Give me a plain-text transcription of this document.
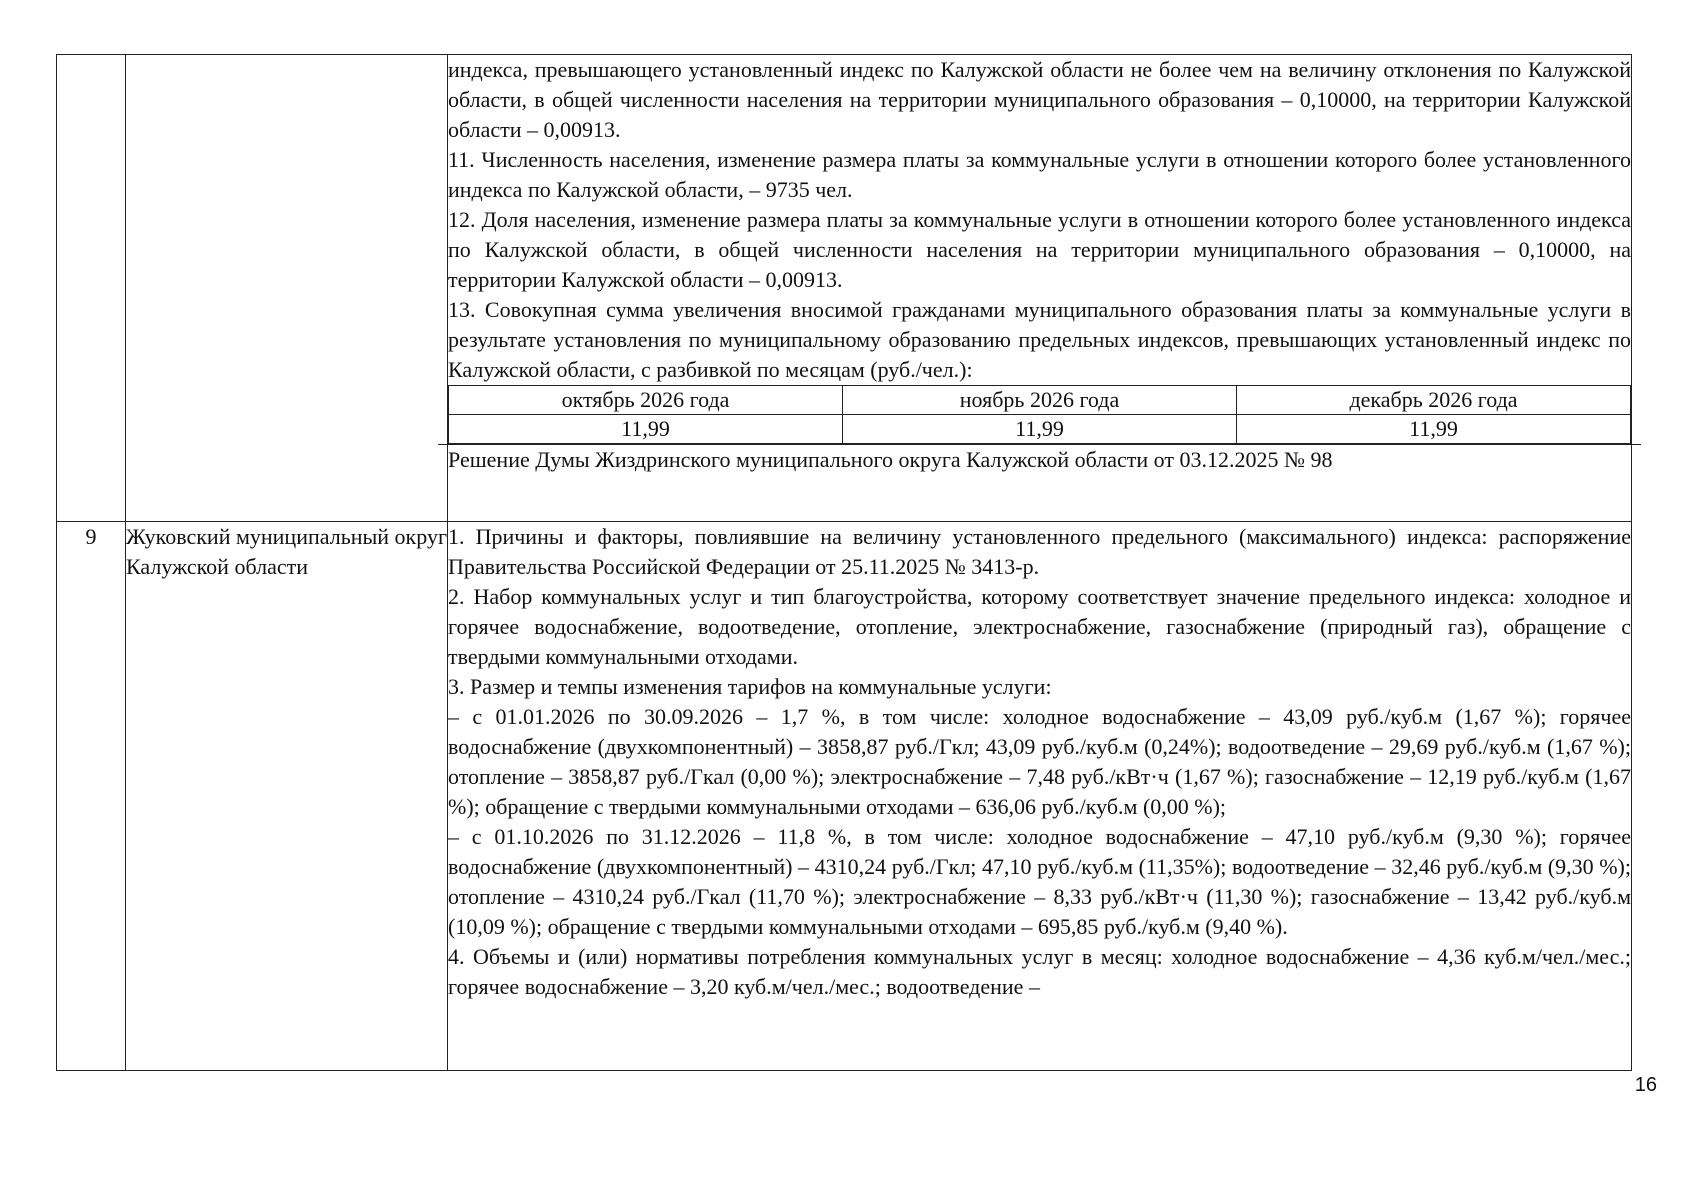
индекса, превышающего установленный индекс по Калужской области не более чем на величину отклонения по Калужской области, в общей численности населения на территории муниципального образования – 0,10000, на территории Калужской области – 0,00913.

11. Численность населения, изменение размера платы за коммунальные услуги в отношении которого более установленного индекса по Калужской области, – 9735 чел.

12. Доля населения, изменение размера платы за коммунальные услуги в отношении которого более установленного индекса по Калужской области, в общей численности населения на территории муниципального образования – 0,10000, на территории Калужской области – 0,00913.

13. Совокупная сумма увеличения вносимой гражданами муниципального образования платы за коммунальные услуги в результате установления по муниципальному образованию предельных индексов, превышающих установленный индекс по Калужской области, с разбивкой по месяцам (руб./чел.):

октябрь 2026 года	ноябрь 2026 года	декабрь 2026 года
11,99	11,99	11,99
Решение Думы Жиздринского муниципального округа Калужской области от 03.12.2025 № 98

9	Жуковский муниципальный округ Калужской области	

1. Причины и факторы, повлиявшие на величину установленного предельного (максимального) индекса: распоряжение Правительства Российской Федерации от 25.11.2025 № 3413-р.

2. Набор коммунальных услуг и тип благоустройства, которому соответствует значение предельного индекса: холодное и горячее водоснабжение, водоотведение, отопление, электроснабжение, газоснабжение (природный газ), обращение с твердыми коммунальными отходами.

3. Размер и темпы изменения тарифов на коммунальные услуги:

– с 01.01.2026 по 30.09.2026 – 1,7 %, в том числе: холодное водоснабжение – 43,09 руб./куб.м (1,67 %); горячее водоснабжение (двухкомпонентный) – 3858,87 руб./Гкл; 43,09 руб./куб.м (0,24%); водоотведение – 29,69 руб./куб.м (1,67 %); отопление – 3858,87 руб./Гкал (0,00 %); электроснабжение – 7,48 руб./кВт·ч (1,67 %); газоснабжение – 12,19 руб./куб.м (1,67 %); обращение с твердыми коммунальными отходами – 636,06 руб./куб.м (0,00 %);

– с 01.10.2026 по 31.12.2026 – 11,8 %, в том числе: холодное водоснабжение – 47,10 руб./куб.м (9,30 %); горячее водоснабжение (двухкомпонентный) – 4310,24 руб./Гкл; 47,10 руб./куб.м (11,35%); водоотведение – 32,46 руб./куб.м (9,30 %); отопление – 4310,24 руб./Гкал (11,70 %); электроснабжение – 8,33 руб./кВт·ч (11,30 %); газоснабжение – 13,42 руб./куб.м (10,09 %); обращение с твердыми коммунальными отходами – 695,85 руб./куб.м (9,40 %).

4. Объемы и (или) нормативы потребления коммунальных услуг в месяц: холодное водоснабжение – 4,36 куб.м/чел./мес.; горячее водоснабжение – 3,20 куб.м/чел./мес.; водоотведение –

16
